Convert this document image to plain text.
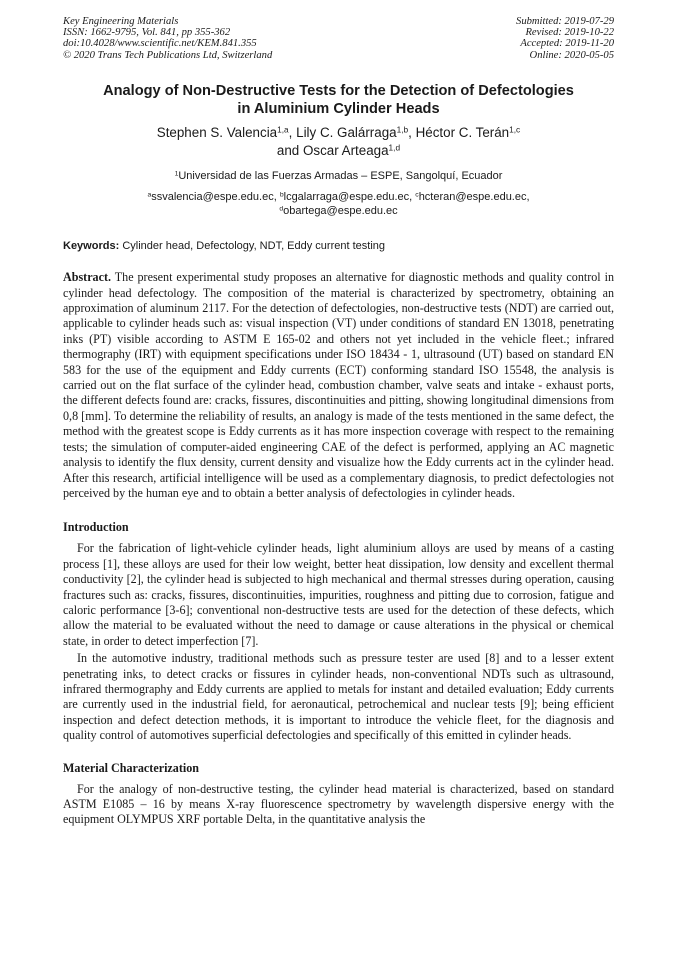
Key Engineering Materials
ISSN: 1662-9795, Vol. 841, pp 355-362
doi:10.4028/www.scientific.net/KEM.841.355
© 2020 Trans Tech Publications Ltd, Switzerland
Submitted: 2019-07-29
Revised: 2019-10-22
Accepted: 2019-11-20
Online: 2020-05-05
Analogy of Non-Destructive Tests for the Detection of Defectologies
in Aluminium Cylinder Heads
Stephen S. Valencia$^{1,a}$, Lily C. Galárraga$^{1,b}$, Héctor C. Terán$^{1,c}$
and Oscar Arteaga$^{1,d}$
$^1$Universidad de las Fuerzas Armadas – ESPE, Sangolquí, Ecuador
$^a$ssvalencia@espe.edu.ec, $^b$lcgalarraga@espe.edu.ec, $^c$hcteran@espe.edu.ec,
$^d$obartega@espe.edu.ec
Keywords: Cylinder head, Defectology, NDT, Eddy current testing
Abstract. The present experimental study proposes an alternative for diagnostic methods and quality control in cylinder head defectology. The composition of the material is characterized by spectrometry, obtaining an approximation of aluminum 2117. For the detection of defectologies, non-destructive tests (NDT) are carried out, applicable to cylinder heads such as: visual inspection (VT) under conditions of standard EN 13018, penetrating inks (PT) visible according to ASTM E 165-02 and others not yet included in the vehicle fleet.; infrared thermography (IRT) with equipment specifications under ISO 18434 - 1, ultrasound (UT) based on standard EN 583 for the use of the equipment and Eddy currents (ECT) conforming standard ISO 15548, the analysis is carried out on the flat surface of the cylinder head, combustion chamber, valve seats and intake - exhaust ports, the different defects found are: cracks, fissures, discontinuities and pitting, showing longitudinal dimensions from 0,8 [mm]. To determine the reliability of results, an analogy is made of the tests mentioned in the same defect, the method with the greatest scope is Eddy currents as it has more inspection coverage with respect to the remaining tests; the simulation of computer-aided engineering CAE of the defect is performed, applying an AC magnetic analysis to identify the flux density, current density and visualize how the Eddy currents act in the cylinder head. After this research, artificial intelligence will be used as a complementary diagnosis, to predict defectologies not perceived by the human eye and to obtain a better analysis of defectologies in cylinder heads.
Introduction
For the fabrication of light-vehicle cylinder heads, light aluminium alloys are used by means of a casting process [1], these alloys are used for their low weight, better heat dissipation, low density and excellent thermal conductivity [2], the cylinder head is subjected to high mechanical and thermal stresses during operation, causing fractures such as: cracks, fissures, discontinuities, impurities, roughness and pitting due to corrosion, fatigue and caloric performance [3-6]; conventional non-destructive tests are used for the detection of these defects, which allow the material to be evaluated without the need to damage or cause alterations in the physical or chemical state, in order to detect imperfection [7].
In the automotive industry, traditional methods such as pressure tester are used [8] and to a lesser extent penetrating inks, to detect cracks or fissures in cylinder heads, non-conventional NDTs such as ultrasound, infrared thermography and Eddy currents are applied to metals for instant and detailed evaluation; Eddy currents are currently used in the industrial field, for aeronautical, petrochemical and nuclear tests [9]; being efficient inspection and defect detection methods, it is important to introduce the vehicle fleet, for the diagnosis and quality control of automotives superficial defectologies and specifically of this emitted in cylinder heads.
Material Characterization
For the analogy of non-destructive testing, the cylinder head material is characterized, based on standard ASTM E1085 – 16 by means X-ray fluorescence spectrometry by wavelength dispersive energy with the equipment OLYMPUS XRF portable Delta, in the quantitative analysis the
